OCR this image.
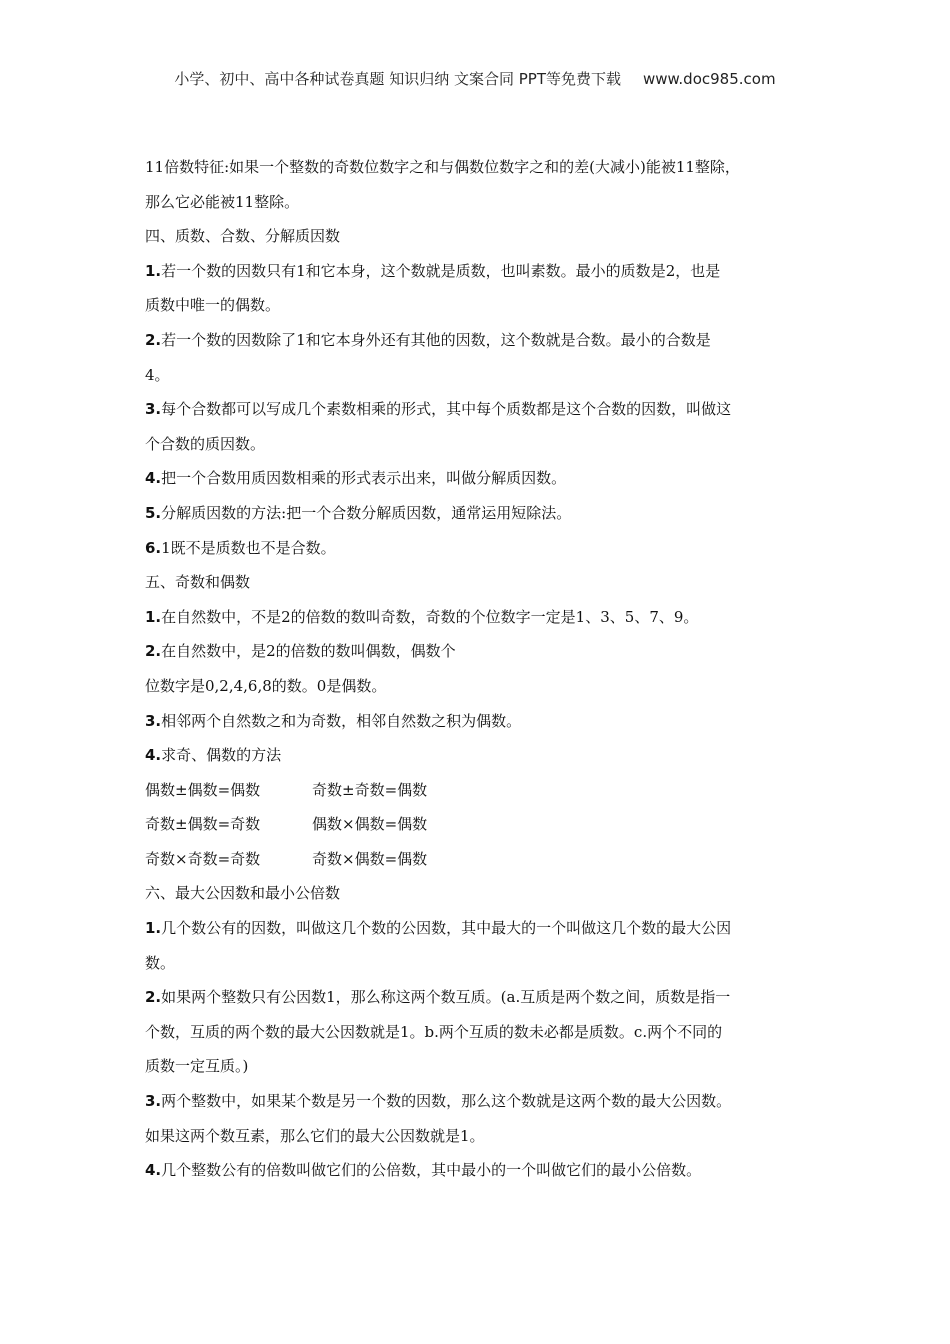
小学、初中、高中各种试卷真题 知识归纳 文案合同 PPT等免费下载 www.doc985.com
11倍数特征:如果一个整数的奇数位数字之和与偶数位数字之和的差(大减小)能被11整除，
那么它必能被11整除。
四、质数、合数、分解质因数
1.若一个数的因数只有1和它本身，这个数就是质数，也叫素数。最小的质数是2，也是
质数中唯一的偶数。
2.若一个数的因数除了1和它本身外还有其他的因数，这个数就是合数。最小的合数是
4。
3.每个合数都可以写成几个素数相乘的形式，其中每个质数都是这个合数的因数，叫做这
个合数的质因数。
4.把一个合数用质因数相乘的形式表示出来，叫做分解质因数。
5.分解质因数的方法:把一个合数分解质因数，通常运用短除法。
6.1既不是质数也不是合数。
五、奇数和偶数
1.在自然数中，不是2的倍数的数叫奇数，奇数的个位数字一定是1、3、5、7、9。
2.在自然数中，是2的倍数的数叫偶数，偶数个
位数字是0,2,4,6,8的数。0是偶数。
3.相邻两个自然数之和为奇数，相邻自然数之积为偶数。
4.求奇、偶数的方法
偶数±偶数=偶数	奇数±奇数=偶数
奇数±偶数=奇数	偶数×偶数=偶数
奇数×奇数=奇数	奇数×偶数=偶数
六、最大公因数和最小公倍数
1.几个数公有的因数，叫做这几个数的公因数，其中最大的一个叫做这几个数的最大公因
数。
2.如果两个整数只有公因数1，那么称这两个数互质。(a.互质是两个数之间，质数是指一
个数，互质的两个数的最大公因数就是1。b.两个互质的数未必都是质数。c.两个不同的
质数一定互质。)
3.两个整数中，如果某个数是另一个数的因数，那么这个数就是这两个数的最大公因数。
如果这两个数互素，那么它们的最大公因数就是1。
4.几个整数公有的倍数叫做它们的公倍数，其中最小的一个叫做它们的最小公倍数。
